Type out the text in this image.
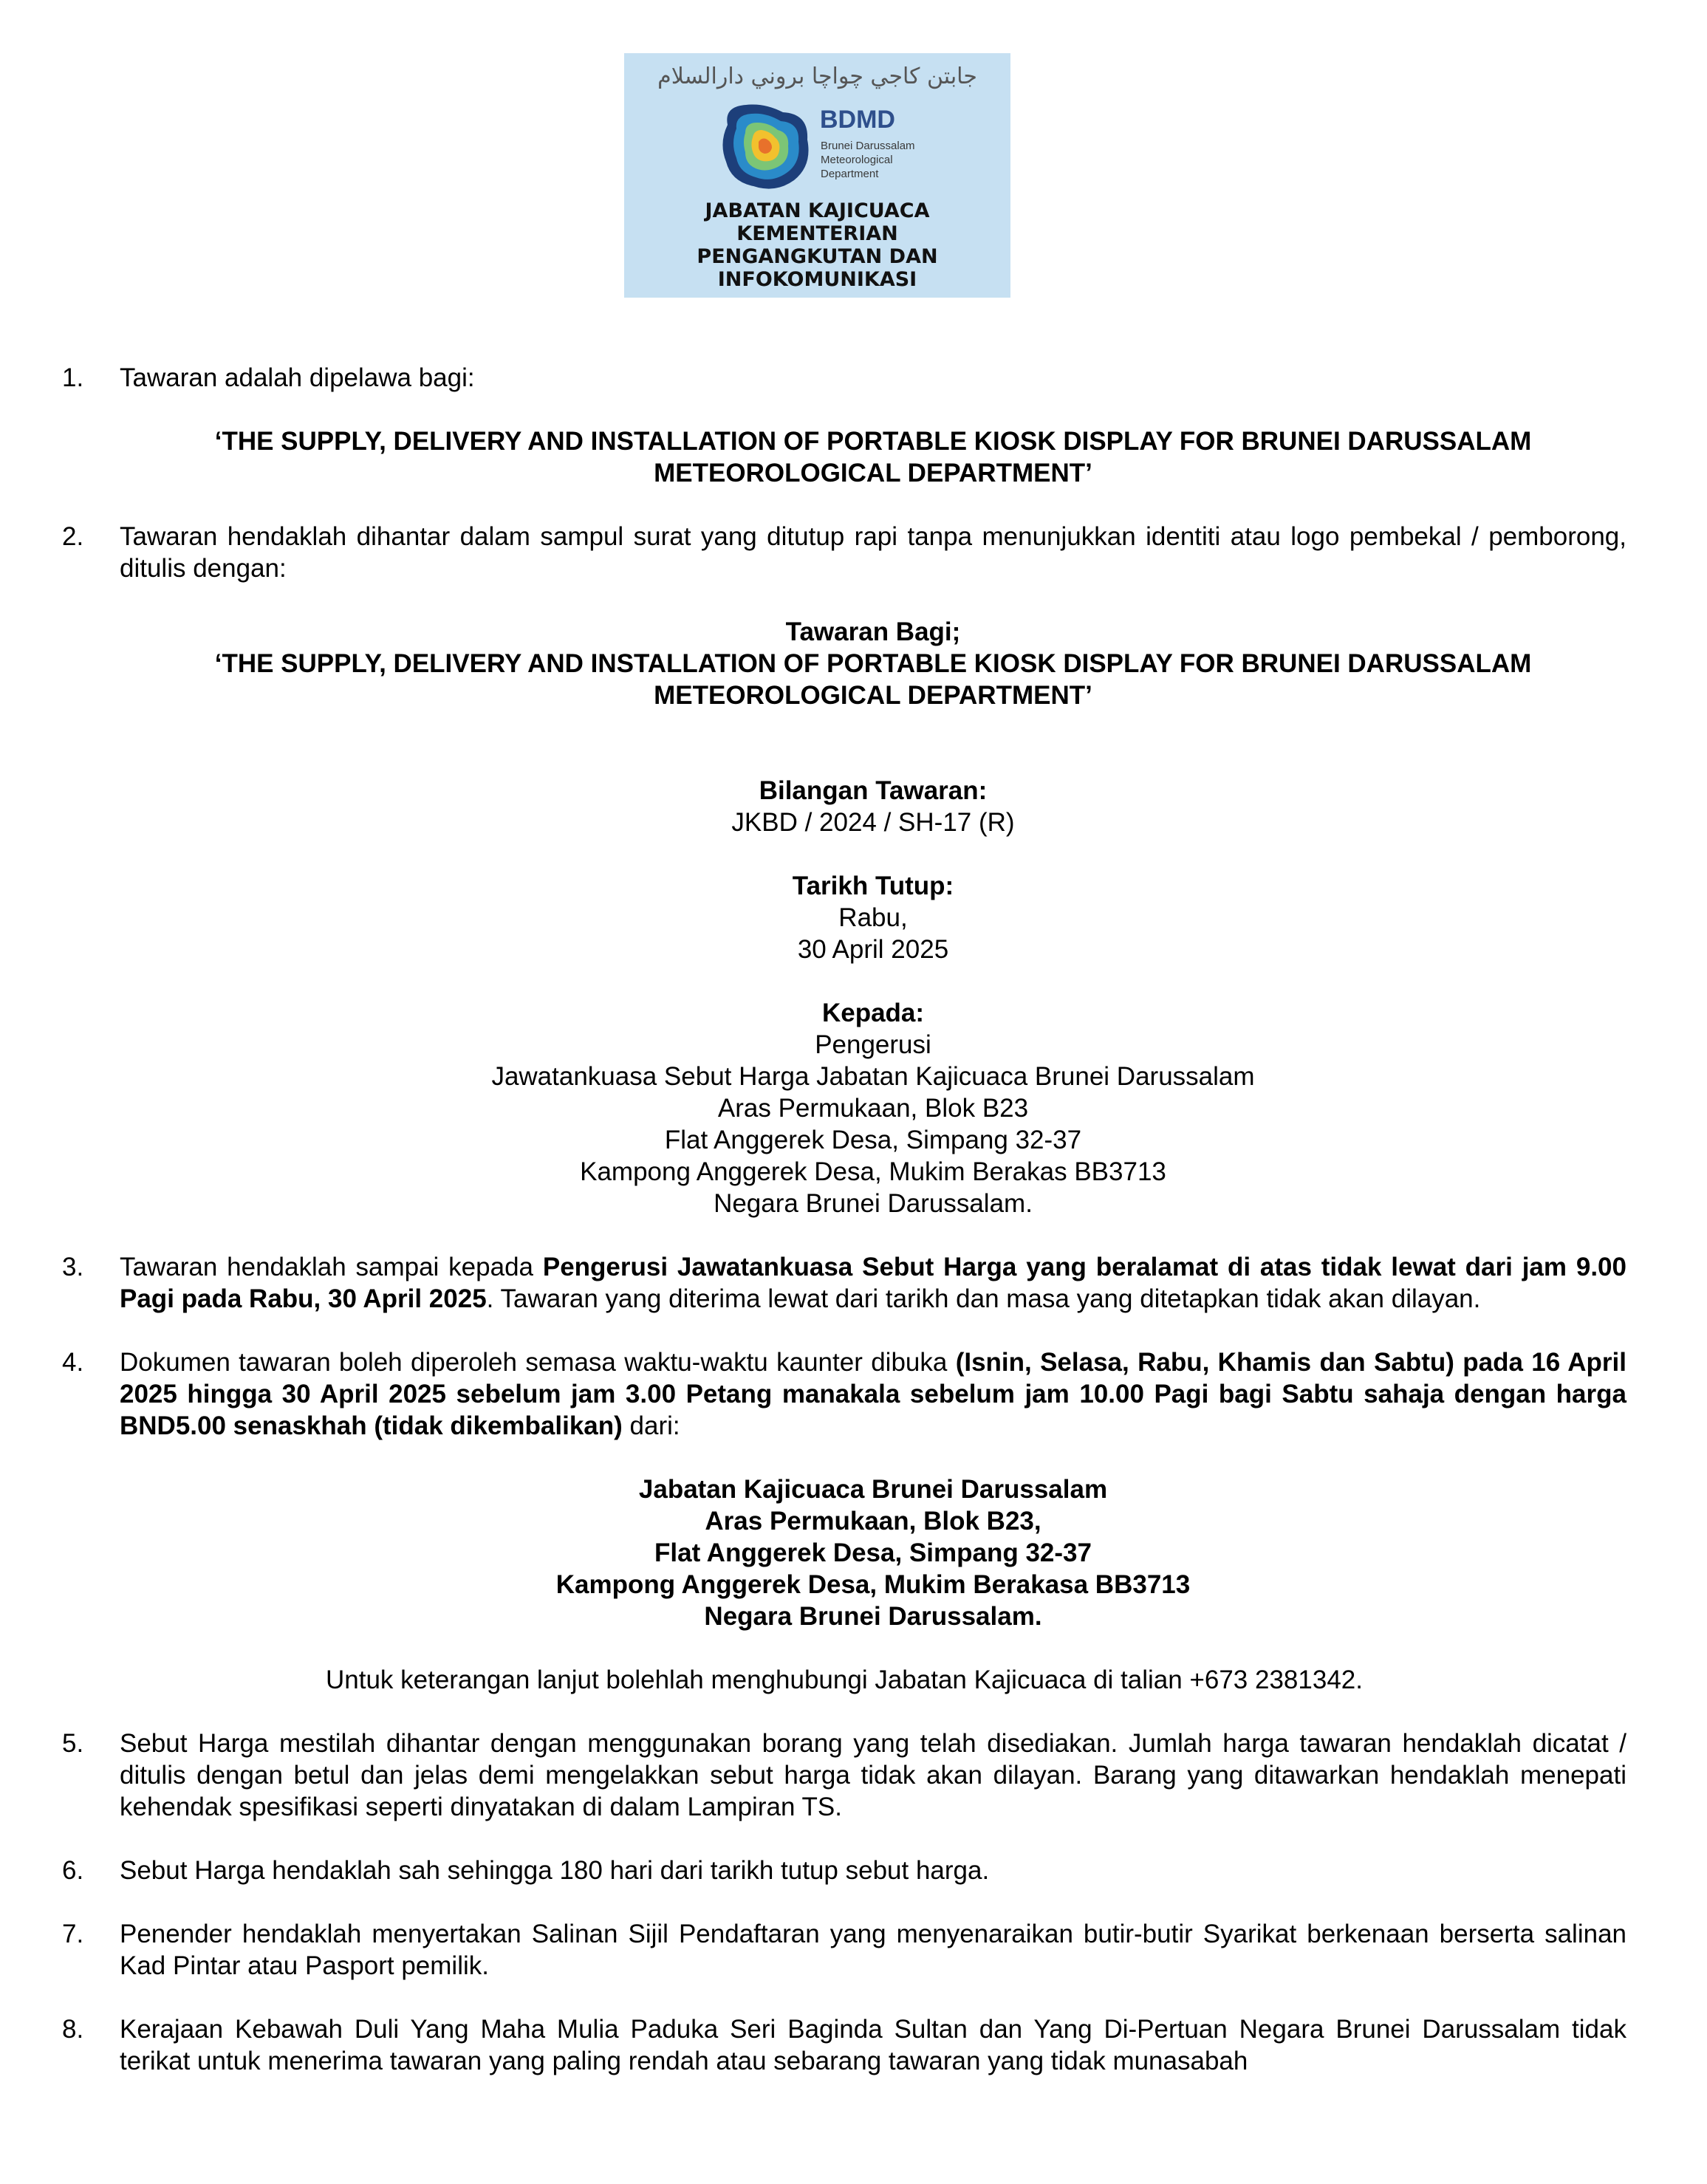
جابتن كاجي چواچا بروني دارالسلام
BDMD
Brunei Darussalam
Meteorological
Department
JABATAN KAJICUACA
KEMENTERIAN
PENGANGKUTAN DAN
INFOKOMUNIKASI
1. Tawaran adalah dipelawa bagi:
‘THE SUPPLY, DELIVERY AND INSTALLATION OF PORTABLE KIOSK DISPLAY FOR BRUNEI DARUSSALAM
METEOROLOGICAL DEPARTMENT’
2. Tawaran hendaklah dihantar dalam sampul surat yang ditutup rapi tanpa menunjukkan identiti atau logo pembekal / pemborong, ditulis dengan:
Tawaran Bagi;
‘THE SUPPLY, DELIVERY AND INSTALLATION OF PORTABLE KIOSK DISPLAY FOR BRUNEI DARUSSALAM
METEOROLOGICAL DEPARTMENT’
Bilangan Tawaran:
JKBD / 2024 / SH-17 (R)
Tarikh Tutup:
Rabu,
30 April 2025
Kepada:
Pengerusi
Jawatankuasa Sebut Harga Jabatan Kajicuaca Brunei Darussalam
Aras Permukaan, Blok B23
Flat Anggerek Desa, Simpang 32-37
Kampong Anggerek Desa, Mukim Berakas BB3713
Negara Brunei Darussalam.
3. Tawaran hendaklah sampai kepada Pengerusi Jawatankuasa Sebut Harga yang beralamat di atas tidak lewat dari jam 9.00 Pagi pada Rabu, 30 April 2025. Tawaran yang diterima lewat dari tarikh dan masa yang ditetapkan tidak akan dilayan.
4. Dokumen tawaran boleh diperoleh semasa waktu-waktu kaunter dibuka (Isnin, Selasa, Rabu, Khamis dan Sabtu) pada 16 April 2025 hingga 30 April 2025 sebelum jam 3.00 Petang manakala sebelum jam 10.00 Pagi bagi Sabtu sahaja dengan harga BND5.00 senaskhah (tidak dikembalikan) dari:
Jabatan Kajicuaca Brunei Darussalam
Aras Permukaan, Blok B23,
Flat Anggerek Desa, Simpang 32-37
Kampong Anggerek Desa, Mukim Berakasa BB3713
Negara Brunei Darussalam.
Untuk keterangan lanjut bolehlah menghubungi Jabatan Kajicuaca di talian +673 2381342.
5. Sebut Harga mestilah dihantar dengan menggunakan borang yang telah disediakan. Jumlah harga tawaran hendaklah dicatat / ditulis dengan betul dan jelas demi mengelakkan sebut harga tidak akan dilayan. Barang yang ditawarkan hendaklah menepati kehendak spesifikasi seperti dinyatakan di dalam Lampiran TS.
6. Sebut Harga hendaklah sah sehingga 180 hari dari tarikh tutup sebut harga.
7. Penender hendaklah menyertakan Salinan Sijil Pendaftaran yang menyenaraikan butir-butir Syarikat berkenaan berserta salinan Kad Pintar atau Pasport pemilik.
8. Kerajaan Kebawah Duli Yang Maha Mulia Paduka Seri Baginda Sultan dan Yang Di-Pertuan Negara Brunei Darussalam tidak terikat untuk menerima tawaran yang paling rendah atau sebarang tawaran yang tidak munasabah
